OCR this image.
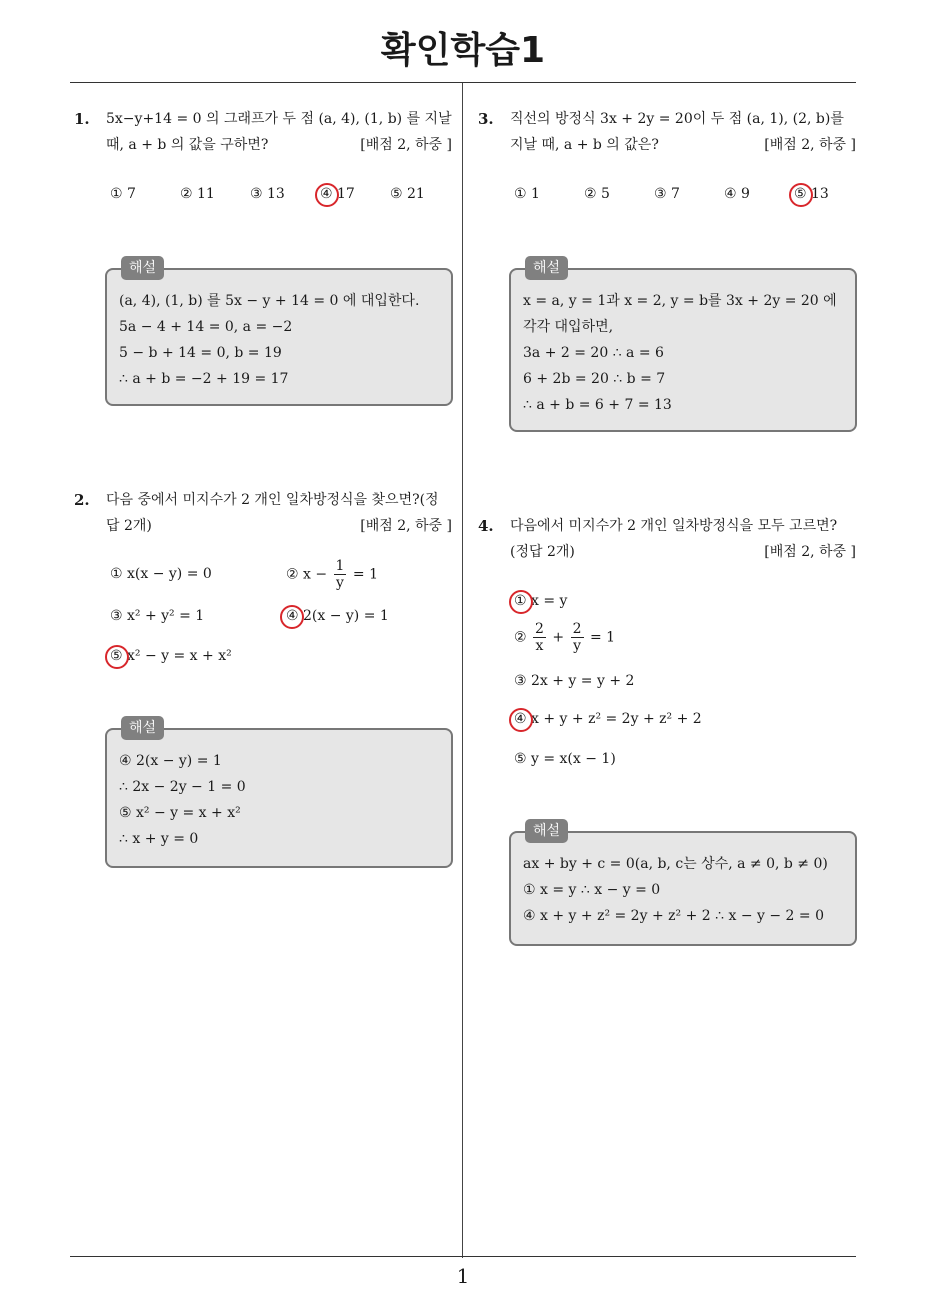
확인학습1
1
1. 5x−y+14 = 0 의 그래프가 두 점 (a, 4), (1, b) 를 지날
때, a + b 의 값을 구하면?	[배점 2, 하중 ]
① 7	② 11	③ 13	④ 17	⑤ 21
해설
(a, 4), (1, b) 를 5x − y + 14 = 0 에 대입한다.
5a − 4 + 14 = 0, a = −2
5 − b + 14 = 0, b = 19
∴ a + b = −2 + 19 = 17
2. 다음 중에서 미지수가 2 개인 일차방정식을 찾으면?(정
답 2개)	[배점 2, 하중 ]
① x(x − y) = 0	② $x - \frac{1}{y} = 1$
③ x² + y² = 1	④ 2(x − y) = 1
⑤ x² − y = x + x²
해설
④ 2(x − y) = 1
∴ 2x − 2y − 1 = 0
⑤ x² − y = x + x²
∴ x + y = 0
3. 직선의 방정식 3x + 2y = 20이 두 점 (a, 1), (2, b)를
지날 때, a + b 의 값은?	[배점 2, 하중 ]
① 1	② 5	③ 7	④ 9	⑤ 13
해설
x = a, y = 1과 x = 2, y = b를 3x + 2y = 20 에
각각 대입하면,
3a + 2 = 20 ∴ a = 6
6 + 2b = 20 ∴ b = 7
∴ a + b = 6 + 7 = 13
4. 다음에서 미지수가 2 개인 일차방정식을 모두 고르면?
(정답 2개)	[배점 2, 하중 ]
① x = y
② $\frac{2}{x} + \frac{2}{y} = 1$
③ 2x + y = y + 2
④ x + y + z² = 2y + z² + 2
⑤ y = x(x − 1)
해설
ax + by + c = 0(a, b, c는 상수, a ≠ 0, b ≠ 0)
① x = y ∴ x − y = 0
④ x + y + z² = 2y + z² + 2 ∴ x − y − 2 = 0
